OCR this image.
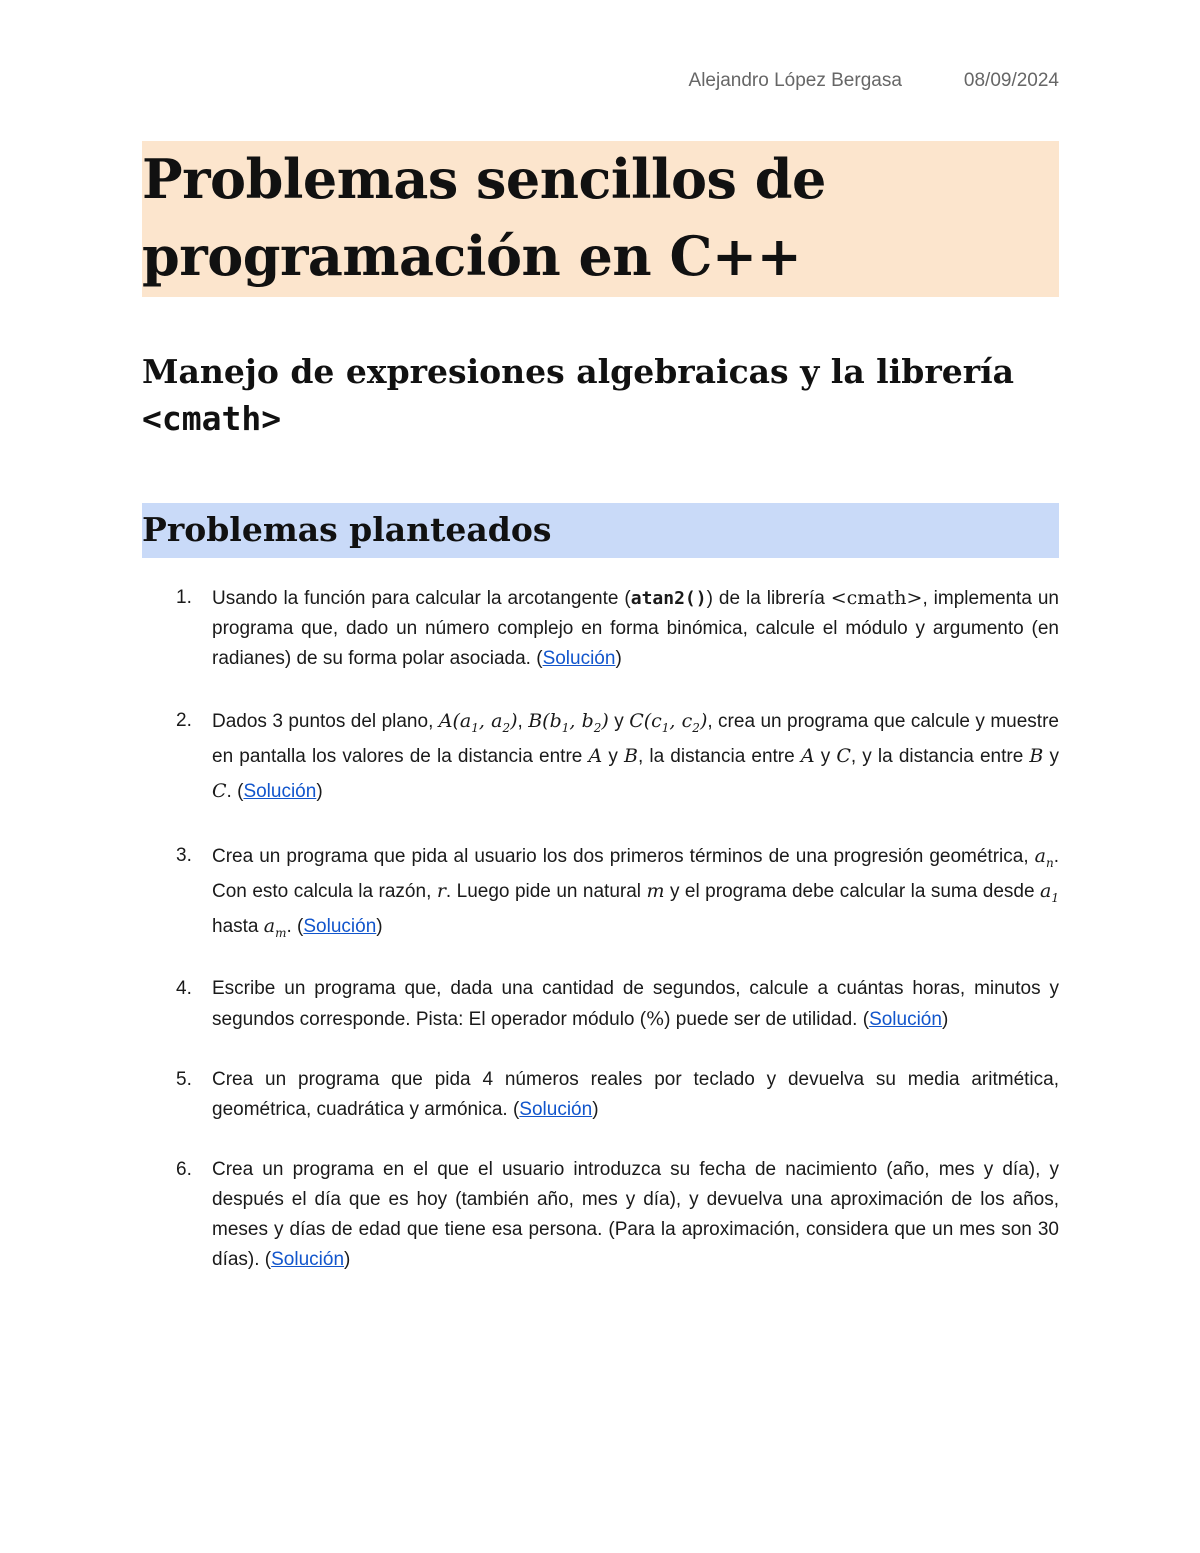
Alejandro López Bergasa	08/09/2024
Problemas sencillos de
programación en C++
Manejo de expresiones algebraicas y la librería <cmath>
Problemas planteados
1. Usando la función para calcular la arcotangente (atan2()) de la librería <cmath>, implementa un programa que, dado un número complejo en forma binómica, calcule el módulo y argumento (en radianes) de su forma polar asociada. (Solución)
2. Dados 3 puntos del plano, $A(a_1$, $a_2$), $B(b_1$, $b_2$) y $C(c_1$, $c_2$), crea un programa que calcule y muestre en pantalla los valores de la distancia entre A y B, la distancia entre A y C, y la distancia entre B y C. (Solución)
3. Crea un programa que pida al usuario los dos primeros términos de una progresión geométrica, $a_n$. Con esto calcula la razón, r. Luego pide un natural m y el programa debe calcular la suma desde $a_1$ hasta $a_m$. (Solución)
4. Escribe un programa que, dada una cantidad de segundos, calcule a cuántas horas, minutos y segundos corresponde. Pista: El operador módulo (%) puede ser de utilidad. (Solución)
5. Crea un programa que pida 4 números reales por teclado y devuelva su media aritmética, geométrica, cuadrática y armónica. (Solución)
6. Crea un programa en el que el usuario introduzca su fecha de nacimiento (año, mes y día), y después el día que es hoy (también año, mes y día), y devuelva una aproximación de los años, meses y días de edad que tiene esa persona. (Para la aproximación, considera que un mes son 30 días). (Solución)
